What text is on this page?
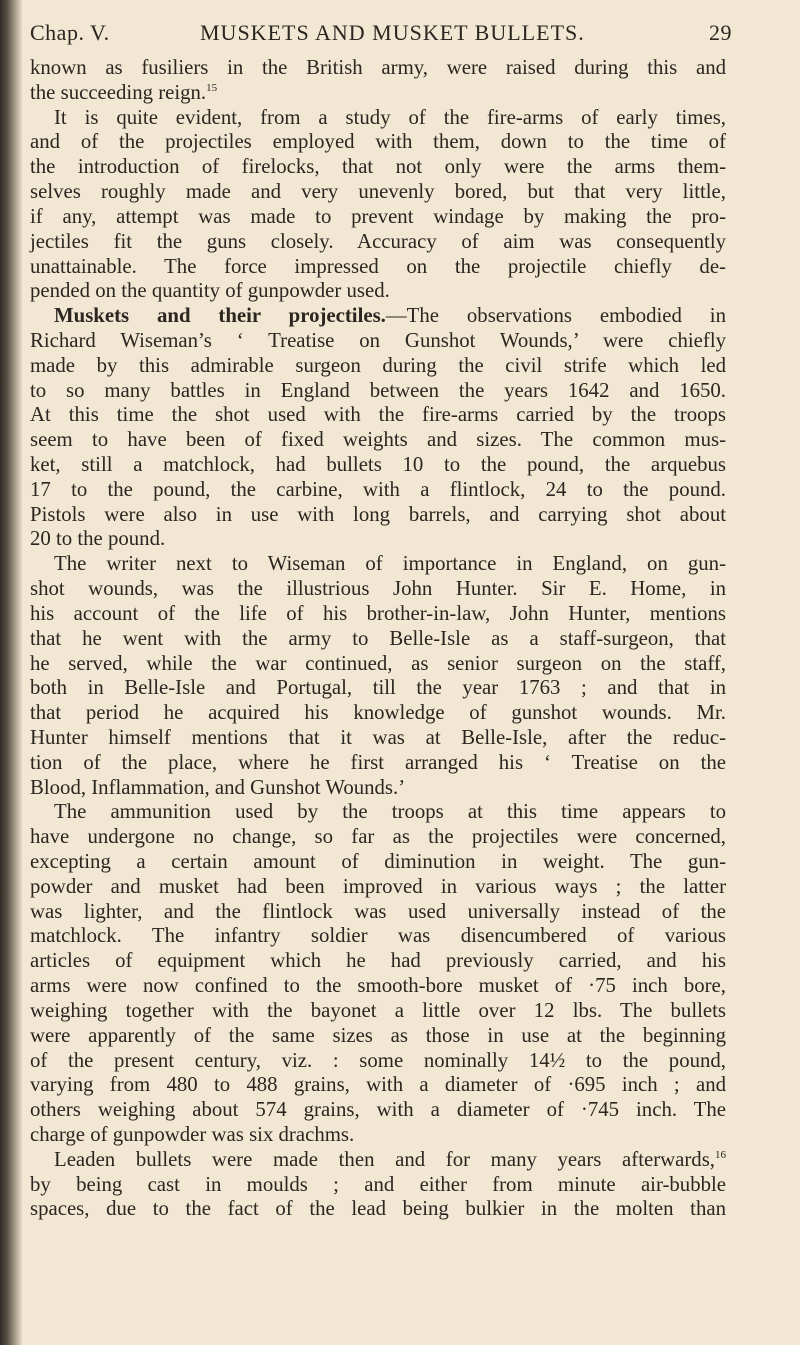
Chap. V.	MUSKETS AND MUSKET BULLETS.	29
known as fusiliers in the British army, were raised during this and
the succeeding reign.$^{15}$
It is quite evident, from a study of the fire-arms of early times,
and of the projectiles employed with them, down to the time of
the introduction of firelocks, that not only were the arms them-
selves roughly made and very unevenly bored, but that very little,
if any, attempt was made to prevent windage by making the pro-
jectiles fit the guns closely. Accuracy of aim was consequently
unattainable. The force impressed on the projectile chiefly de-
pended on the quantity of gunpowder used.
Muskets and their projectiles.—The observations embodied in
Richard Wiseman’s ‘ Treatise on Gunshot Wounds,’ were chiefly
made by this admirable surgeon during the civil strife which led
to so many battles in England between the years 1642 and 1650.
At this time the shot used with the fire-arms carried by the troops
seem to have been of fixed weights and sizes. The common mus-
ket, still a matchlock, had bullets 10 to the pound, the arquebus
17 to the pound, the carbine, with a flintlock, 24 to the pound.
Pistols were also in use with long barrels, and carrying shot about
20 to the pound.
The writer next to Wiseman of importance in England, on gun-
shot wounds, was the illustrious John Hunter. Sir E. Home, in
his account of the life of his brother-in-law, John Hunter, mentions
that he went with the army to Belle-Isle as a staff-surgeon, that
he served, while the war continued, as senior surgeon on the staff,
both in Belle-Isle and Portugal, till the year 1763 ; and that in
that period he acquired his knowledge of gunshot wounds. Mr.
Hunter himself mentions that it was at Belle-Isle, after the reduc-
tion of the place, where he first arranged his ‘ Treatise on the
Blood, Inflammation, and Gunshot Wounds.’
The ammunition used by the troops at this time appears to
have undergone no change, so far as the projectiles were concerned,
excepting a certain amount of diminution in weight. The gun-
powder and musket had been improved in various ways ; the latter
was lighter, and the flintlock was used universally instead of the
matchlock. The infantry soldier was disencumbered of various
articles of equipment which he had previously carried, and his
arms were now confined to the smooth-bore musket of ·75 inch bore,
weighing together with the bayonet a little over 12 lbs. The bullets
were apparently of the same sizes as those in use at the beginning
of the present century, viz. : some nominally 14½ to the pound,
varying from 480 to 488 grains, with a diameter of ·695 inch ; and
others weighing about 574 grains, with a diameter of ·745 inch. The
charge of gunpowder was six drachms.
Leaden bullets were made then and for many years afterwards,$^{16}$
by being cast in moulds ; and either from minute air-bubble
spaces, due to the fact of the lead being bulkier in the molten than
